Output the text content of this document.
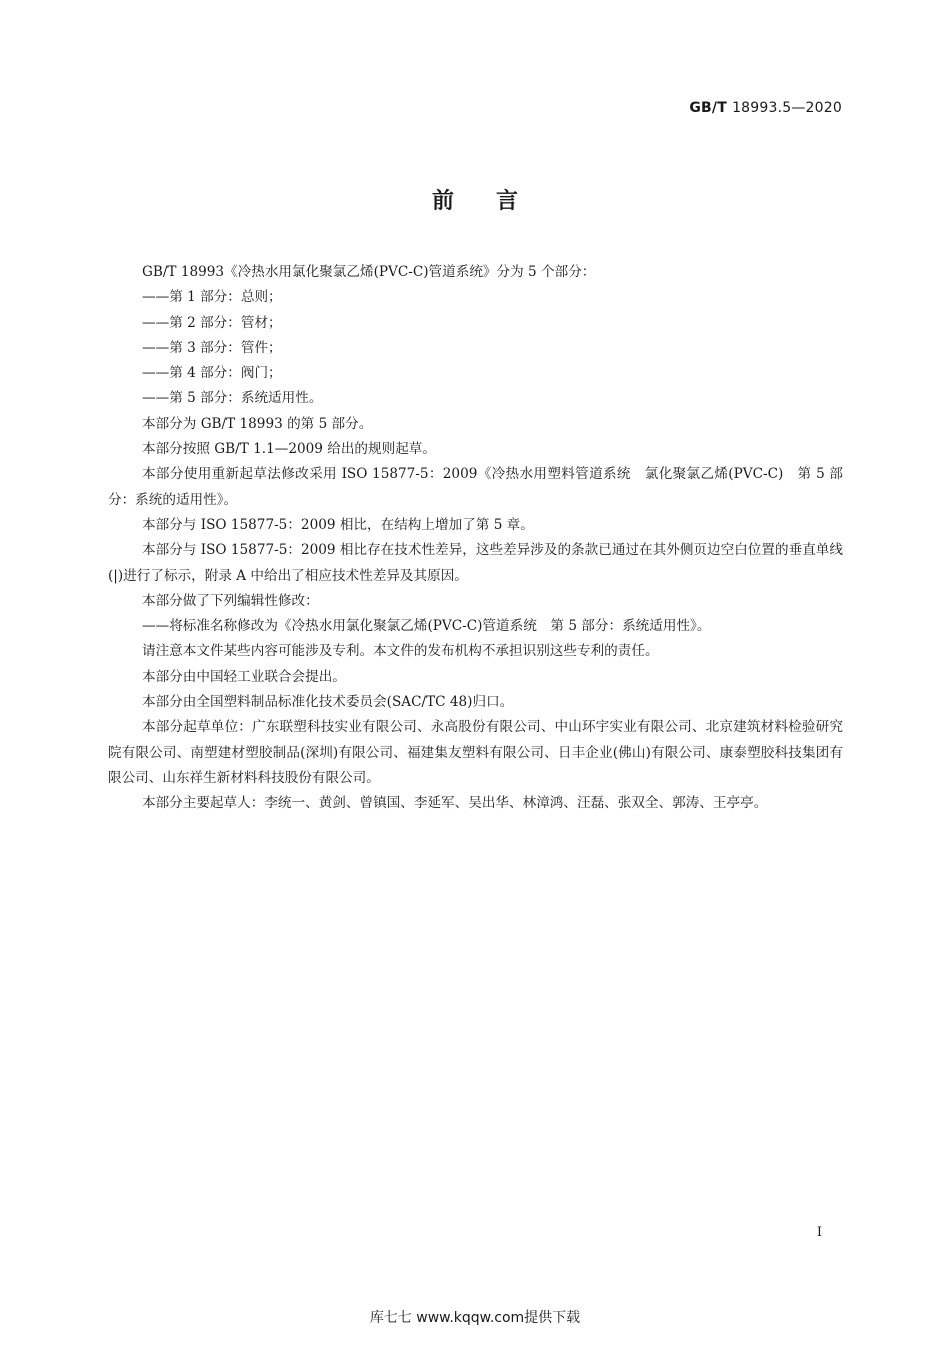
GB/T 18993.5—2020
前言

GB/T 18993《冷热水用氯化聚氯乙烯(PVC-C)管道系统》分为 5 个部分：

——第 1 部分：总则；

——第 2 部分：管材；

——第 3 部分：管件；

——第 4 部分：阀门；

——第 5 部分：系统适用性。

本部分为 GB/T 18993 的第 5 部分。

本部分按照 GB/T 1.1—2009 给出的规则起草。

本部分使用重新起草法修改采用 ISO 15877-5：2009《冷热水用塑料管道系统　氯化聚氯乙烯(PVC-C)　第 5 部分：系统的适用性》。

本部分与 ISO 15877-5：2009 相比，在结构上增加了第 5 章。

本部分与 ISO 15877-5：2009 相比存在技术性差异，这些差异涉及的条款已通过在其外侧页边空白位置的垂直单线(|)进行了标示，附录 A 中给出了相应技术性差异及其原因。

本部分做了下列编辑性修改：

——将标准名称修改为《冷热水用氯化聚氯乙烯(PVC-C)管道系统　第 5 部分：系统适用性》。

请注意本文件某些内容可能涉及专利。本文件的发布机构不承担识别这些专利的责任。

本部分由中国轻工业联合会提出。

本部分由全国塑料制品标准化技术委员会(SAC/TC 48)归口。

本部分起草单位：广东联塑科技实业有限公司、永高股份有限公司、中山环宇实业有限公司、北京建筑材料检验研究院有限公司、南塑建材塑胶制品(深圳)有限公司、福建集友塑料有限公司、日丰企业(佛山)有限公司、康泰塑胶科技集团有限公司、山东祥生新材料科技股份有限公司。

本部分主要起草人：李统一、黄剑、曾镇国、李延军、吴出华、林漳鸿、汪磊、张双全、郭涛、王亭亭。

I
库七七 www.kqqw.com提供下载
